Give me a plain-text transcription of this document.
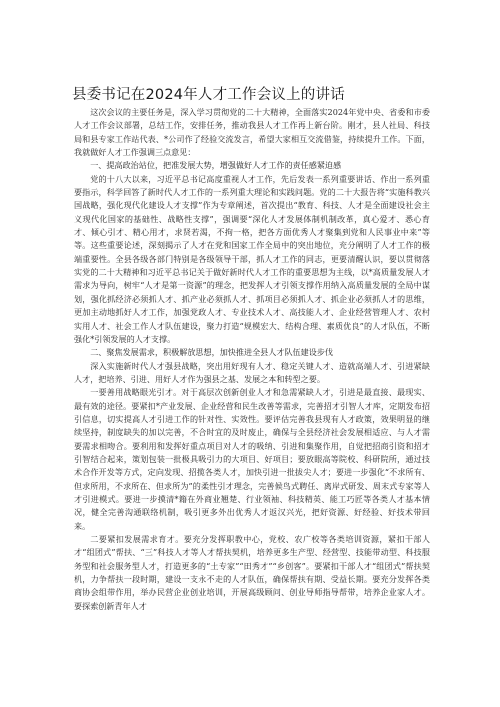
县委书记在2024年人才工作会议上的讲话

这次会议的主要任务是，深入学习贯彻党的二十大精神，全面落实2024年党中央、省委和市委人才工作会议部署，总结工作，安排任务，推动我县人才工作再上新台阶。刚才，县人社局、科技局和县专家工作站代表、*公司作了经验交流发言，希望大家相互交流借鉴，持续提升工作。下面，我就做好人才工作强调三点意见：

一、提高政治站位，把准发展大势，增强做好人才工作的责任感紧迫感

党的十八大以来，习近平总书记高度重视人才工作，先后发表一系列重要讲话、作出一系列重要指示，科学回答了新时代人才工作的一系列重大理论和实践问题。党的二十大报告将“实施科教兴国战略，强化现代化建设人才支撑”作为专章阐述，首次提出“教育、科技、人才是全面建设社会主义现代化国家的基础性、战略性支撑”，强调要“深化人才发展体制机制改革，真心爱才、悉心育才、倾心引才、精心用才，求贤若渴，不拘一格，把各方面优秀人才聚集到党和人民事业中来”等等。这些重要论述，深刻揭示了人才在党和国家工作全局中的突出地位，充分阐明了人才工作的极端重要性。全县各级各部门特别是各级领导干部，抓人才工作的同志，更要清醒认识，要以贯彻落实党的二十大精神和习近平总书记关于做好新时代人才工作的重要思想为主线，以*高质量发展人才需求为导向，树牢“人才是第一资源”的理念，把发挥人才引领支撑作用纳入高质量发展的全局中谋划，强化抓经济必须抓人才、抓产业必须抓人才、抓项目必须抓人才、抓企业必须抓人才的思维，更加主动地抓好人才工作，加强党政人才、专业技术人才、高技能人才、企业经营管理人才、农村实用人才、社会工作人才队伍建设，聚力打造“规模宏大、结构合理、素质优良”的人才队伍，不断强化*引领发展的人才支撑。

二、聚焦发展需求，积极解放思想，加快推进全县人才队伍建设步伐

深入实施新时代人才强县战略，突出用好现有人才、稳定关键人才、造就高端人才、引进紧缺人才，把培养、引进、用好人才作为强县之基、发展之本和转型之要。

一要善用战略眼光引才。对于高层次创新创业人才和急需紧缺人才，引进是最直接、最现实、最有效的途径。要紧扣*产业发展、企业经营和民生改善等需求，完善招才引智人才库，定期发布招引信息，切实提高人才引进工作的针对性、实效性。要评估完善我县现有人才政策，效果明显的继续坚持，制度缺失的加以完善，不合时宜的及时废止，确保与全县经济社会发展相适应、与人才需要需求相吻合。要利用和发挥好重点项目对人才的吸纳、引进和集聚作用，自觉把招商引资和招才引智结合起来，策划包装一批极具吸引力的大项目、好项目；要放眼高等院校、科研院所，通过技术合作开发等方式，定向发现、招揽各类人才，加快引进一批拔尖人才；要进一步强化“不求所有、但求所用，不求所在、但求所为”的柔性引才理念，完善候鸟式聘任、离岸式研发、周末式专家等人才引进模式。要进一步摸清*籍在外商业翘楚、行业领袖、科技精英、能工巧匠等各类人才基本情况，健全完善沟通联络机制，吸引更多外出优秀人才返汉兴光，把好资源、好经验、好技术带回来。

二要紧扣发展需求育才。要充分发挥职教中心，党校、农广校等各类培训资源，紧扣干部人才“组团式”帮扶、“三”科技人才等人才帮扶契机，培养更多生产型、经营型、技能带动型、科技服务型和社会服务型人才，打造更多的“土专家”“田秀才”“乡创客”。要紧扣干部人才“组团式”帮扶契机，力争帮扶一段时期，建设一支永不走的人才队伍，确保帮扶有期、受益长期。要充分发挥各类商协会组带作用，举办民营企业创业培训，开展高级顾问、创业导师指导帮带，培养企业家人才。要探索创新青年人才
